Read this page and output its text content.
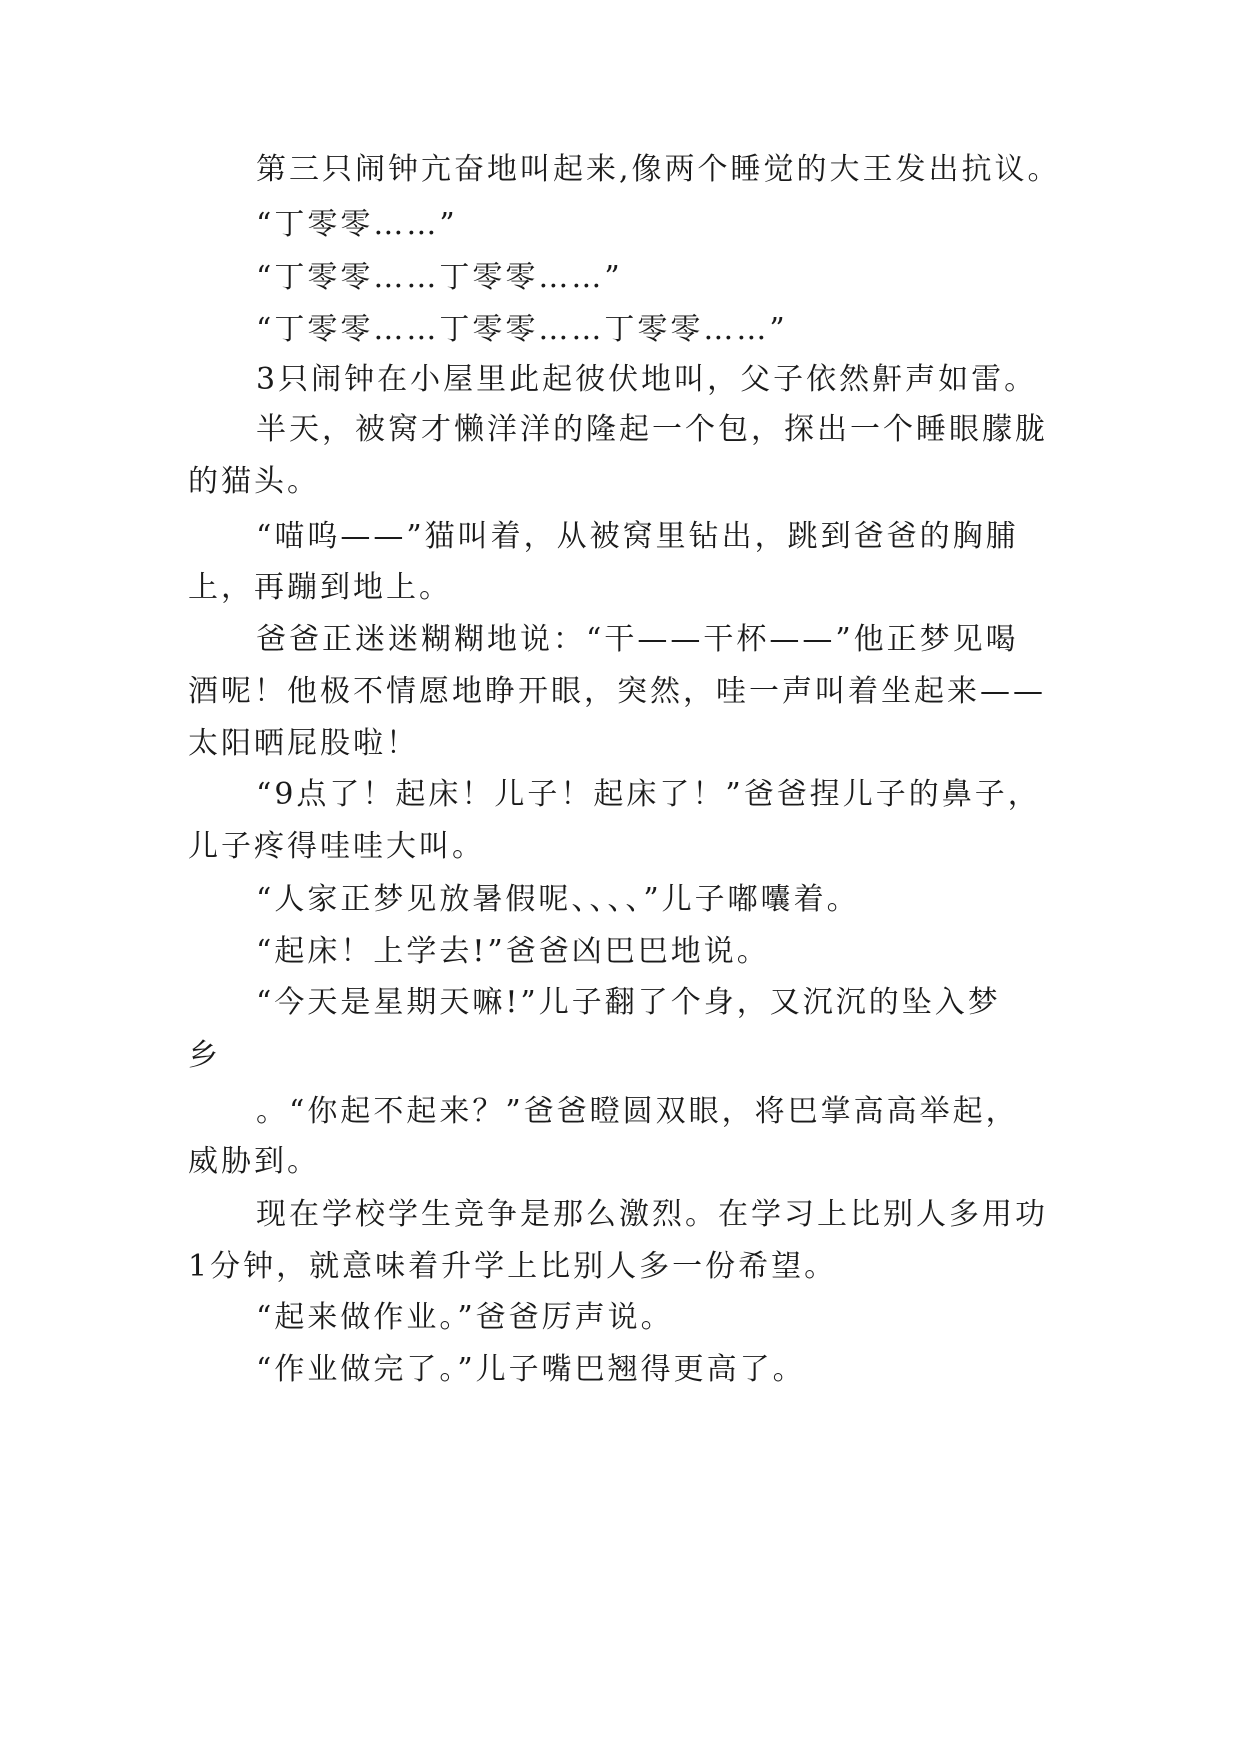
第三只闹钟亢奋地叫起来,像两个睡觉的大王发出抗议。
“丁零零……”
“丁零零……丁零零……”
“丁零零……丁零零……丁零零……”
3只闹钟在小屋里此起彼伏地叫，父子依然鼾声如雷。
半天，被窝才懒洋洋的隆起一个包，探出一个睡眼朦胧
的猫头。
“喵呜——”猫叫着，从被窝里钻出，跳到爸爸的胸脯
上，再蹦到地上。
爸爸正迷迷糊糊地说：“干——干杯——”他正梦见喝
酒呢！他极不情愿地睁开眼，突然，哇一声叫着坐起来——
太阳晒屁股啦！
“9点了！起床！儿子！起床了！”爸爸捏儿子的鼻子，
儿子疼得哇哇大叫。
“人家正梦见放暑假呢、、、、”儿子嘟囔着。
“起床！上学去!”爸爸凶巴巴地说。
“今天是星期天嘛!”儿子翻了个身，又沉沉的坠入梦
乡
。“你起不起来？”爸爸瞪圆双眼，将巴掌高高举起，
威胁到。
现在学校学生竞争是那么激烈。在学习上比别人多用功
1分钟，就意味着升学上比别人多一份希望。
“起来做作业。”爸爸厉声说。
“作业做完了。”儿子嘴巴翘得更高了。
